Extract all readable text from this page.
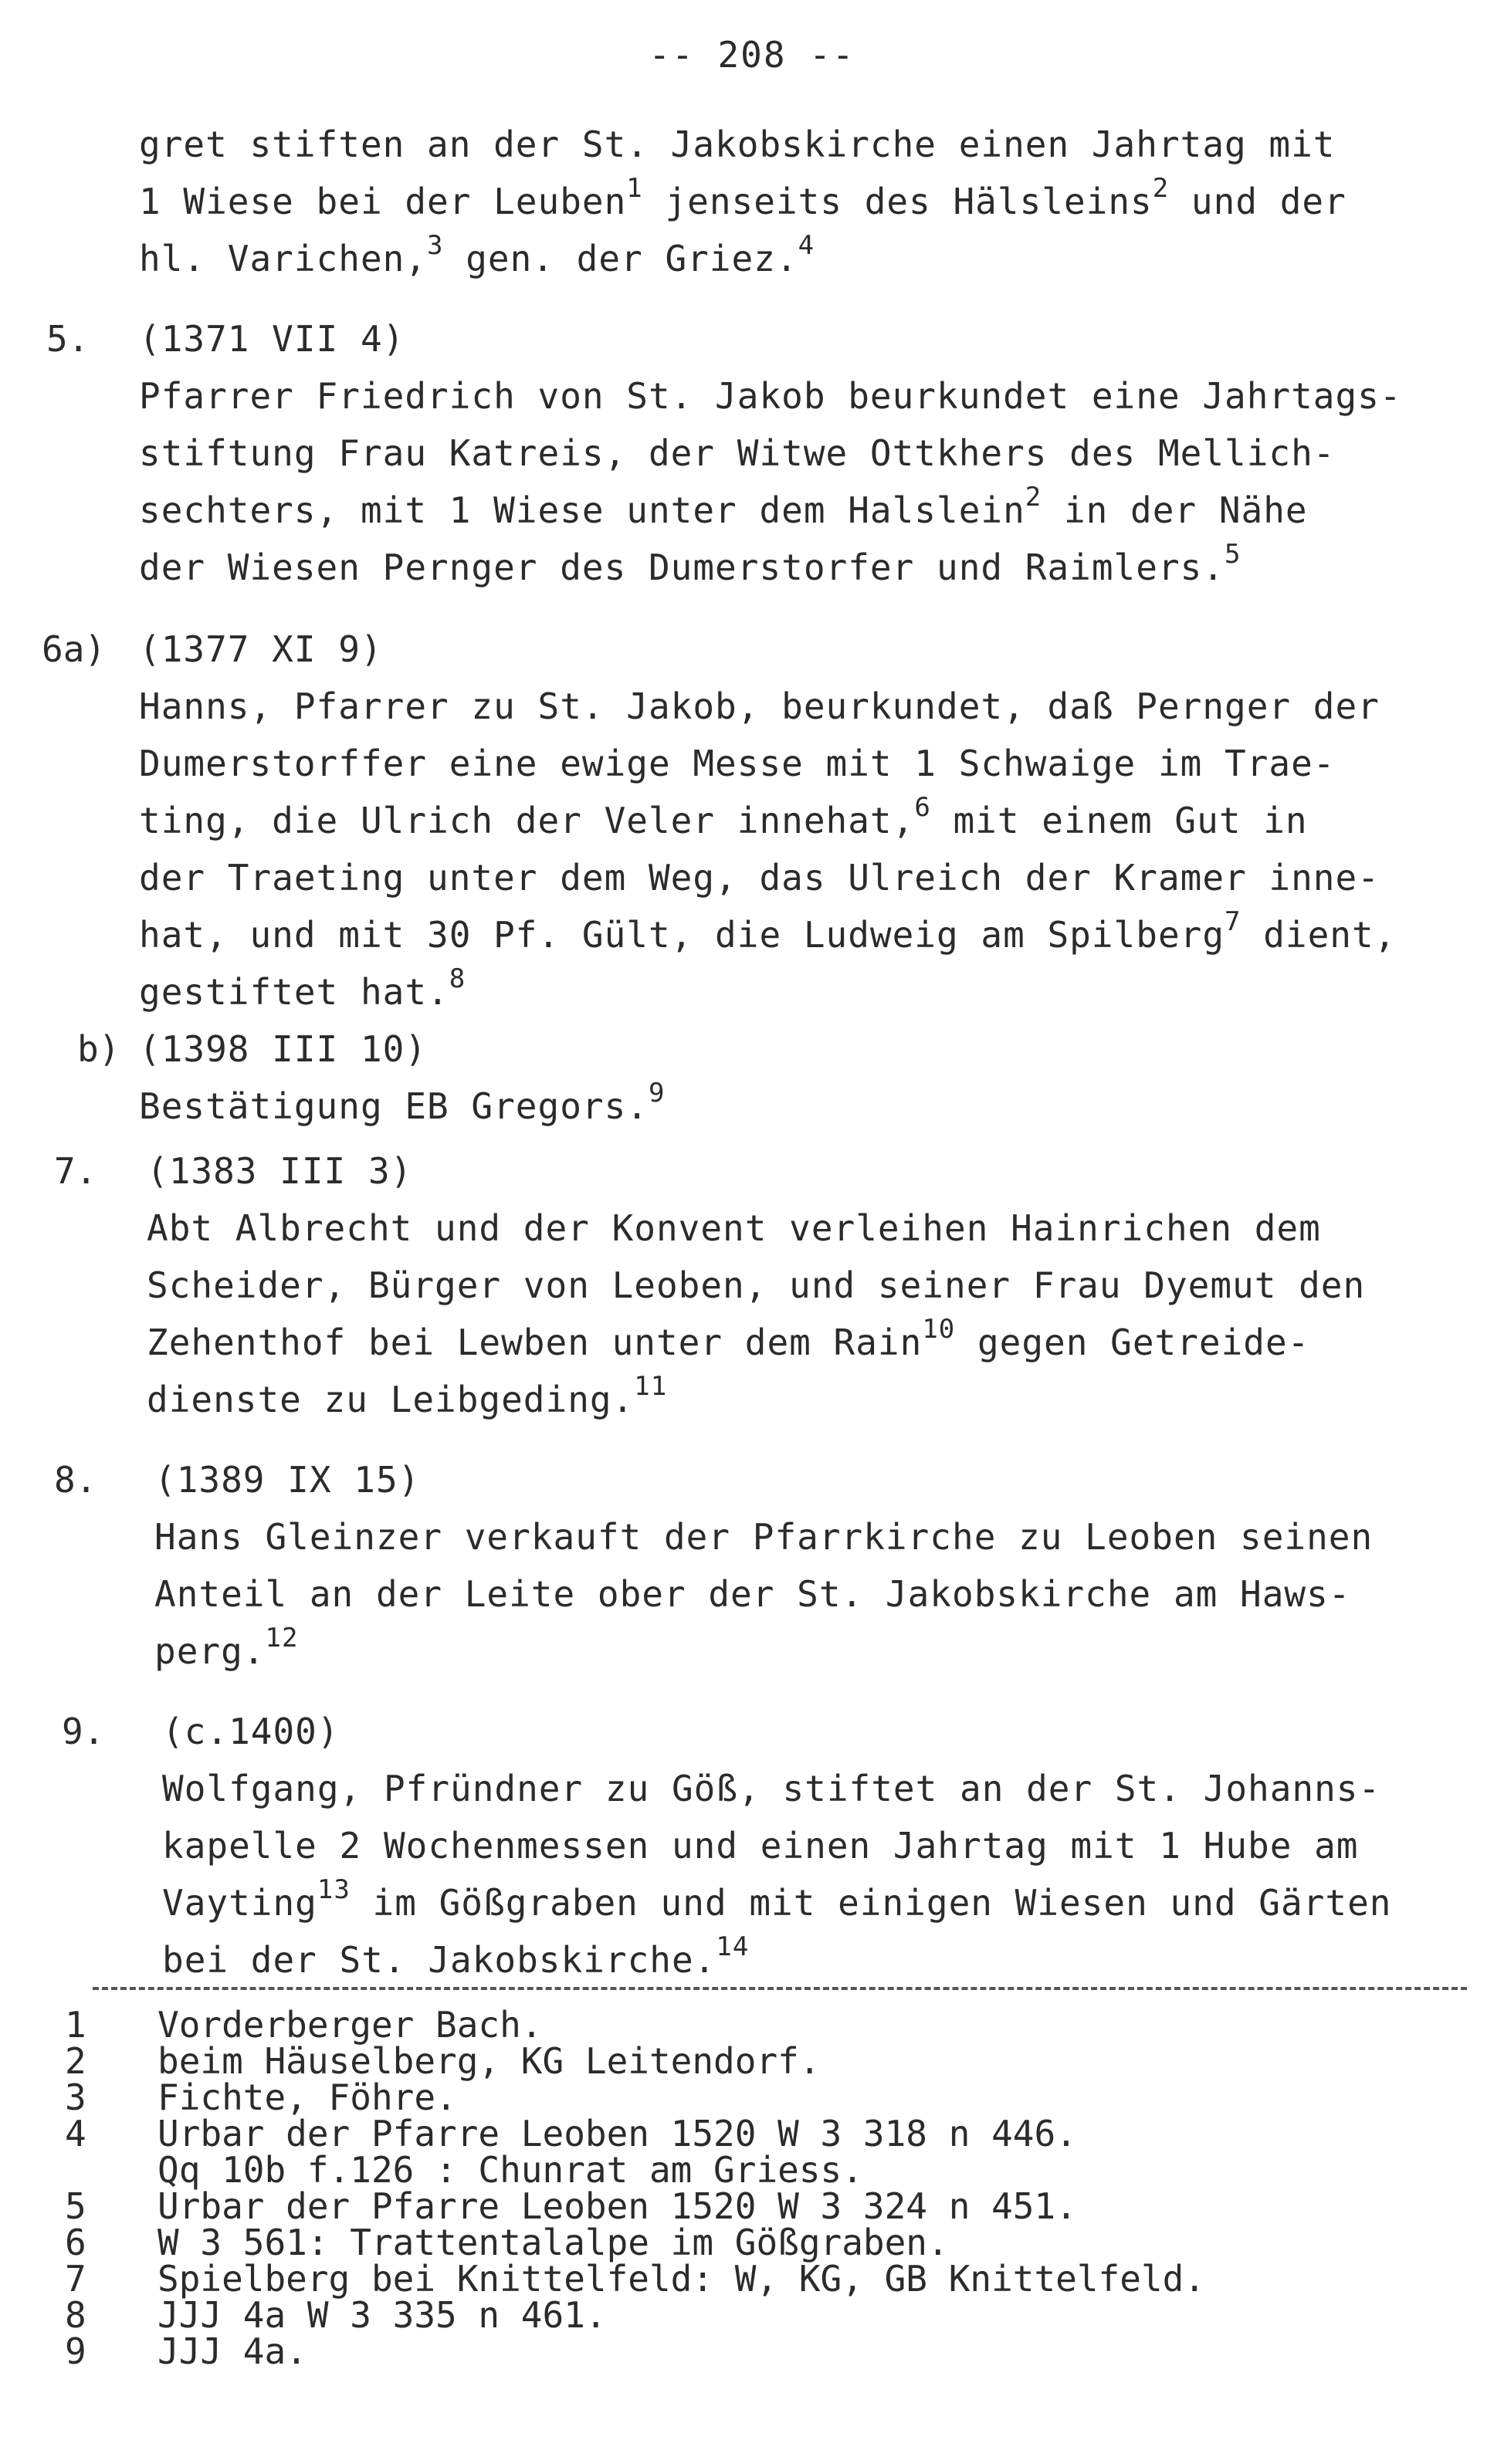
-- 208 --
gret stiften an der St. Jakobskirche einen Jahrtag mit
1 Wiese bei der Leuben$^1$ jenseits des Hälsleins$^2$ und der
hl. Varichen,$^3$ gen. der Griez.$^4$
5. (1371 VII 4)
Pfarrer Friedrich von St. Jakob beurkundet eine Jahrtags-
stiftung Frau Katreis, der Witwe Ottkhers des Mellich-
sechters, mit 1 Wiese unter dem Halslein$^2$ in der Nähe
der Wiesen Pernger des Dumerstorfer und Raimlers.$^5$
6a) (1377 XI 9)
Hanns, Pfarrer zu St. Jakob, beurkundet, daß Pernger der
Dumerstorffer eine ewige Messe mit 1 Schwaige im Trae-
ting, die Ulrich der Veler innehat,$^6$ mit einem Gut in
der Traeting unter dem Weg, das Ulreich der Kramer inne-
hat, und mit 30 Pf. Gült, die Ludweig am Spilberg$^7$ dient,
gestiftet hat.$^8$
b) (1398 III 10)
Bestätigung EB Gregors.$^9$
7. (1383 III 3)
Abt Albrecht und der Konvent verleihen Hainrichen dem
Scheider, Bürger von Leoben, und seiner Frau Dyemut den
Zehenthof bei Lewben unter dem Rain$^{10}$ gegen Getreide-
dienste zu Leibgeding.$^{11}$
8. (1389 IX 15)
Hans Gleinzer verkauft der Pfarrkirche zu Leoben seinen
Anteil an der Leite ober der St. Jakobskirche am Haws-
perg.$^{12}$
9. (c.1400)
Wolfgang, Pfründner zu Göß, stiftet an der St. Johanns-
kapelle 2 Wochenmessen und einen Jahrtag mit 1 Hube am
Vayting$^{13}$ im Gößgraben und mit einigen Wiesen und Gärten
bei der St. Jakobskirche.$^{14}$
1	Vorderberger Bach.
2	beim Häuselberg, KG Leitendorf.
3	Fichte, Föhre.
4	Urbar der Pfarre Leoben 1520 W 3 318 n 446.
Qq 10b f.126 : Chunrat am Griess.
5	Urbar der Pfarre Leoben 1520 W 3 324 n 451.
6	W 3 561: Trattentalalpe im Gößgraben.
7	Spielberg bei Knittelfeld: W, KG, GB Knittelfeld.
8	JJJ 4a W 3 335 n 461.
9	JJJ 4a.
